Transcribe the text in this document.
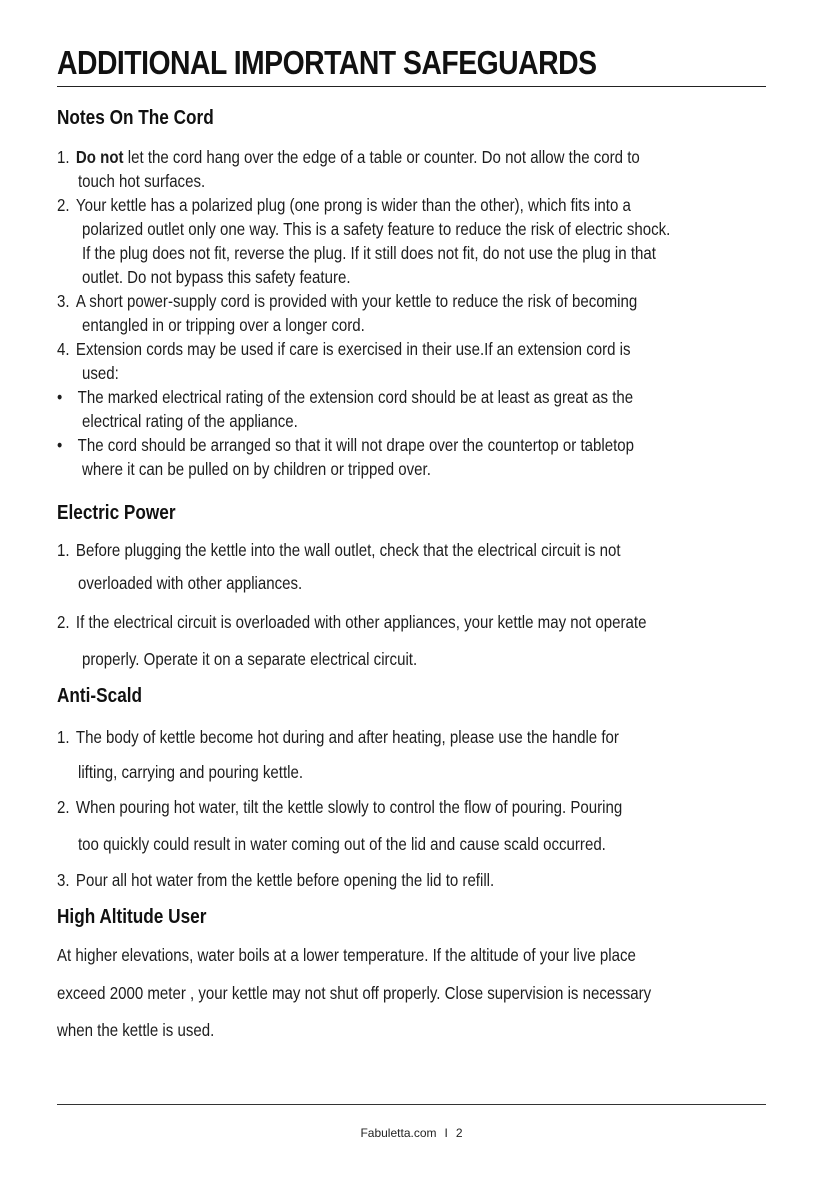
ADDITIONAL IMPORTANT SAFEGUARDS
Notes On The Cord
1. Do not let the cord hang over the edge of a table or counter. Do not allow the cord to
touch hot surfaces.
2. Your kettle has a polarized plug (one prong is wider than the other), which fits into a
polarized outlet only one way. This is a safety feature to reduce the risk of electric shock.
If the plug does not fit, reverse the plug. If it still does not fit, do not use the plug in that
outlet. Do not bypass this safety feature.
3. A short power-supply cord is provided with your kettle to reduce the risk of becoming
entangled in or tripping over a longer cord.
4. Extension cords may be used if care is exercised in their use.If an extension cord is
used:
• The marked electrical rating of the extension cord should be at least as great as the
electrical rating of the appliance.
• The cord should be arranged so that it will not drape over the countertop or tabletop
where it can be pulled on by children or tripped over.
Electric Power
1. Before plugging the kettle into the wall outlet, check that the electrical circuit is not
overloaded with other appliances.
2. If the electrical circuit is overloaded with other appliances, your kettle may not operate
properly. Operate it on a separate electrical circuit.
Anti-Scald
1. The body of kettle become hot during and after heating, please use the handle for
lifting, carrying and pouring kettle.
2. When pouring hot water, tilt the kettle slowly to control the flow of pouring. Pouring
too quickly could result in water coming out of the lid and cause scald occurred.
3. Pour all hot water from the kettle before opening the lid to refill.
High Altitude User
At higher elevations, water boils at a lower temperature. If the altitude of your live place
exceed 2000 meter , your kettle may not shut off properly. Close supervision is necessary
when the kettle is used.
Fabuletta.com I 2
